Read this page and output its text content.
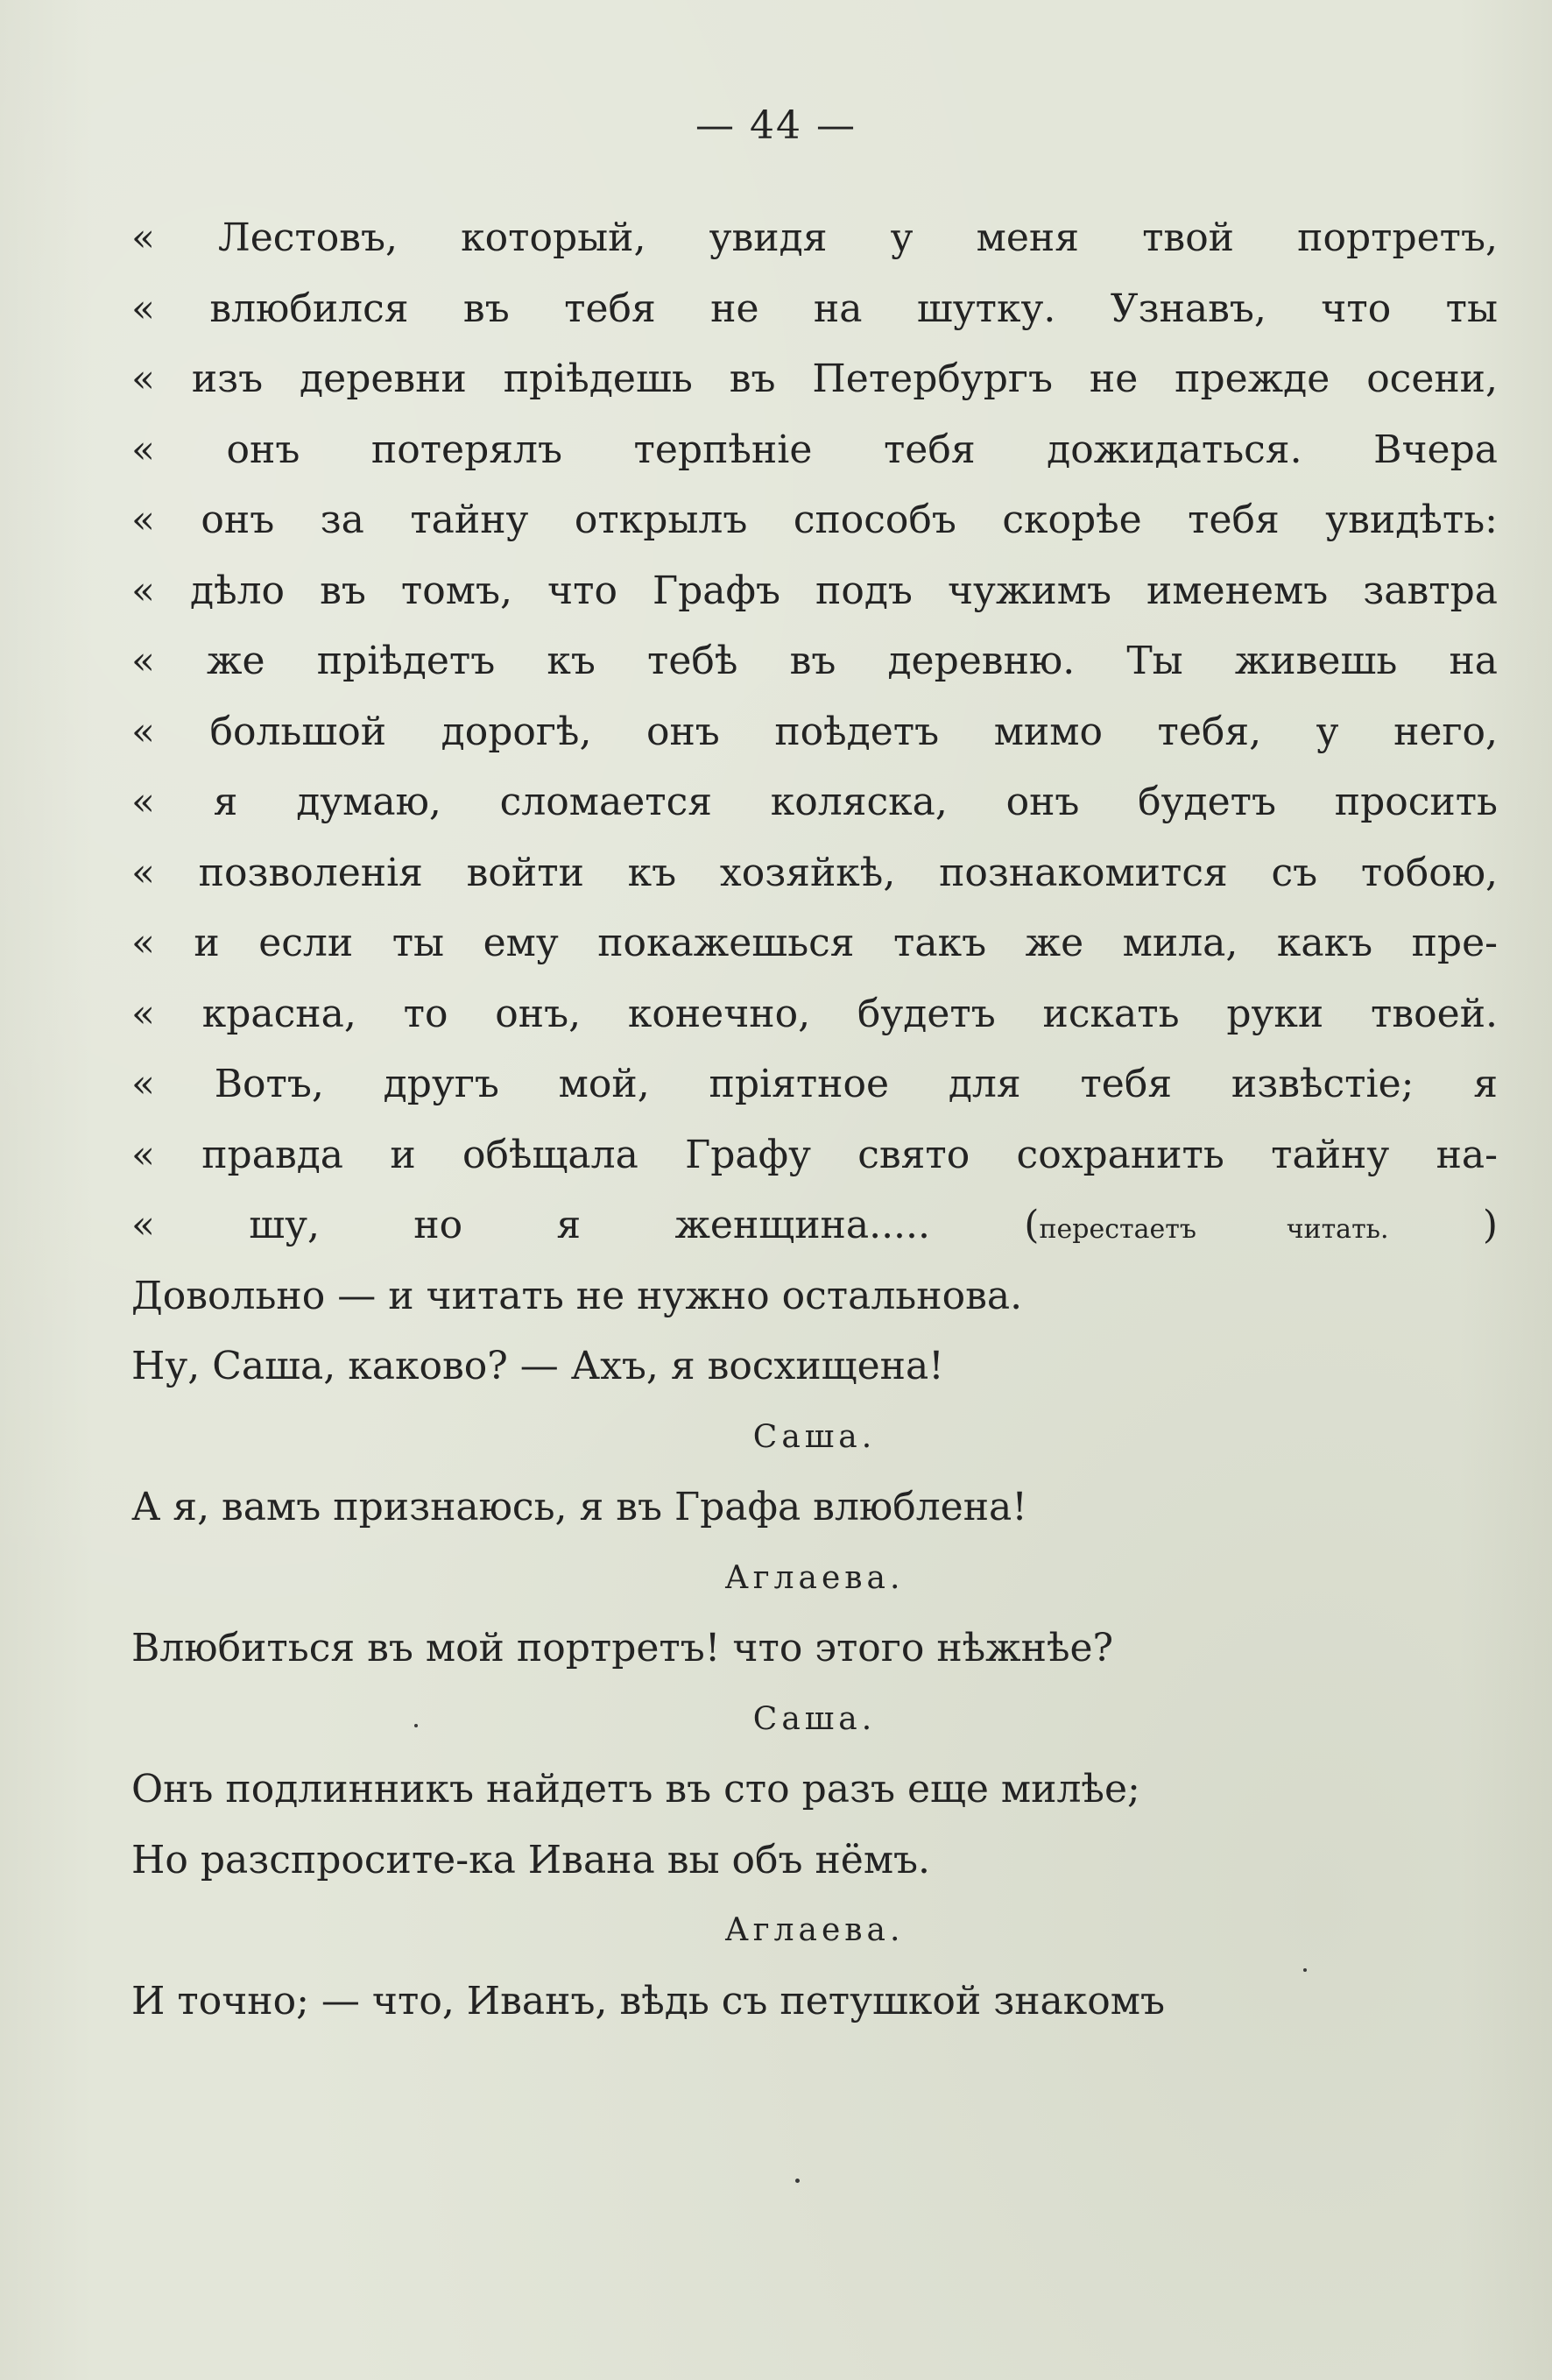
— 44 —
« Лестовъ, который, увидя у меня твой портретъ,
« влюбился въ тебя не на шутку. Узнавъ, что ты
« изъ деревни пріѣдешь въ Петербургъ не прежде осени,
« онъ потерялъ терпѣніе тебя дожидаться. Вчера
« онъ за тайну открылъ способъ скорѣе тебя увидѣть:
« дѣло въ томъ, что Графъ подъ чужимъ именемъ завтра
« же пріѣдетъ къ тебѣ въ деревню. Ты живешь на
« большой дорогѣ, онъ поѣдетъ мимо тебя, у него,
« я думаю, сломается коляска, онъ будетъ просить
« позволенія войти къ хозяйкѣ, познакомится съ тобою,
« и если ты ему покажешься такъ же мила, какъ пре-
« красна, то онъ, конечно, будетъ искать руки твоей.
« Вотъ, другъ мой, пріятное для тебя извѣстіе; я
« правда и обѣщала Графу свято сохранить тайну на-
« шу, но я женщина..... (перестаетъ читать. )
Довольно — и читать не нужно остальнова.
Ну, Саша, каково? — Ахъ, я восхищена!
Саша.
А я, вамъ признаюсь, я въ Графа влюблена!
Аглаева.
Влюбиться въ мой портретъ! что этого нѣжнѣе?
Саша.
Онъ подлинникъ найдетъ въ сто разъ еще милѣе;
Но разспросите-ка Ивана вы объ нёмъ.
Аглаева.
И точно; — что, Иванъ, вѣдь съ петушкой знакомъ
